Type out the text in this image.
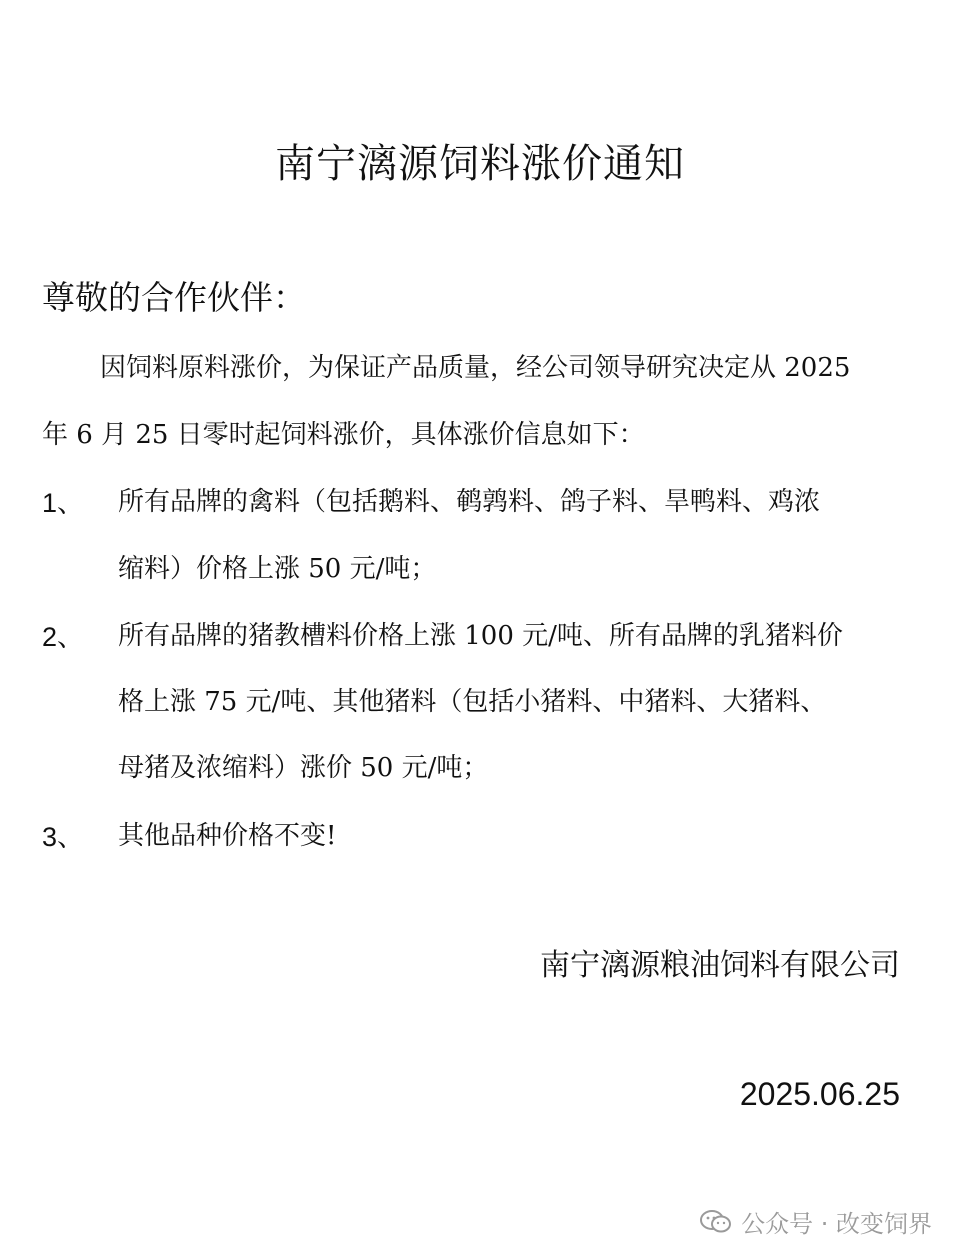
南宁漓源饲料涨价通知
尊敬的合作伙伴：
因饲料原料涨价，为保证产品质量，经公司领导研究决定从 2025
年 6 月 25 日零时起饲料涨价，具体涨价信息如下：
1、 所有品牌的禽料（包括鹅料、鹌鹑料、鸽子料、旱鸭料、鸡浓
缩料）价格上涨 50 元/吨；
2、 所有品牌的猪教槽料价格上涨 100 元/吨、所有品牌的乳猪料价
格上涨 75 元/吨、其他猪料（包括小猪料、中猪料、大猪料、
母猪及浓缩料）涨价 50 元/吨；
3、 其他品种价格不变!
南宁漓源粮油饲料有限公司
2025.06.25
公众号 · 改变饲界
